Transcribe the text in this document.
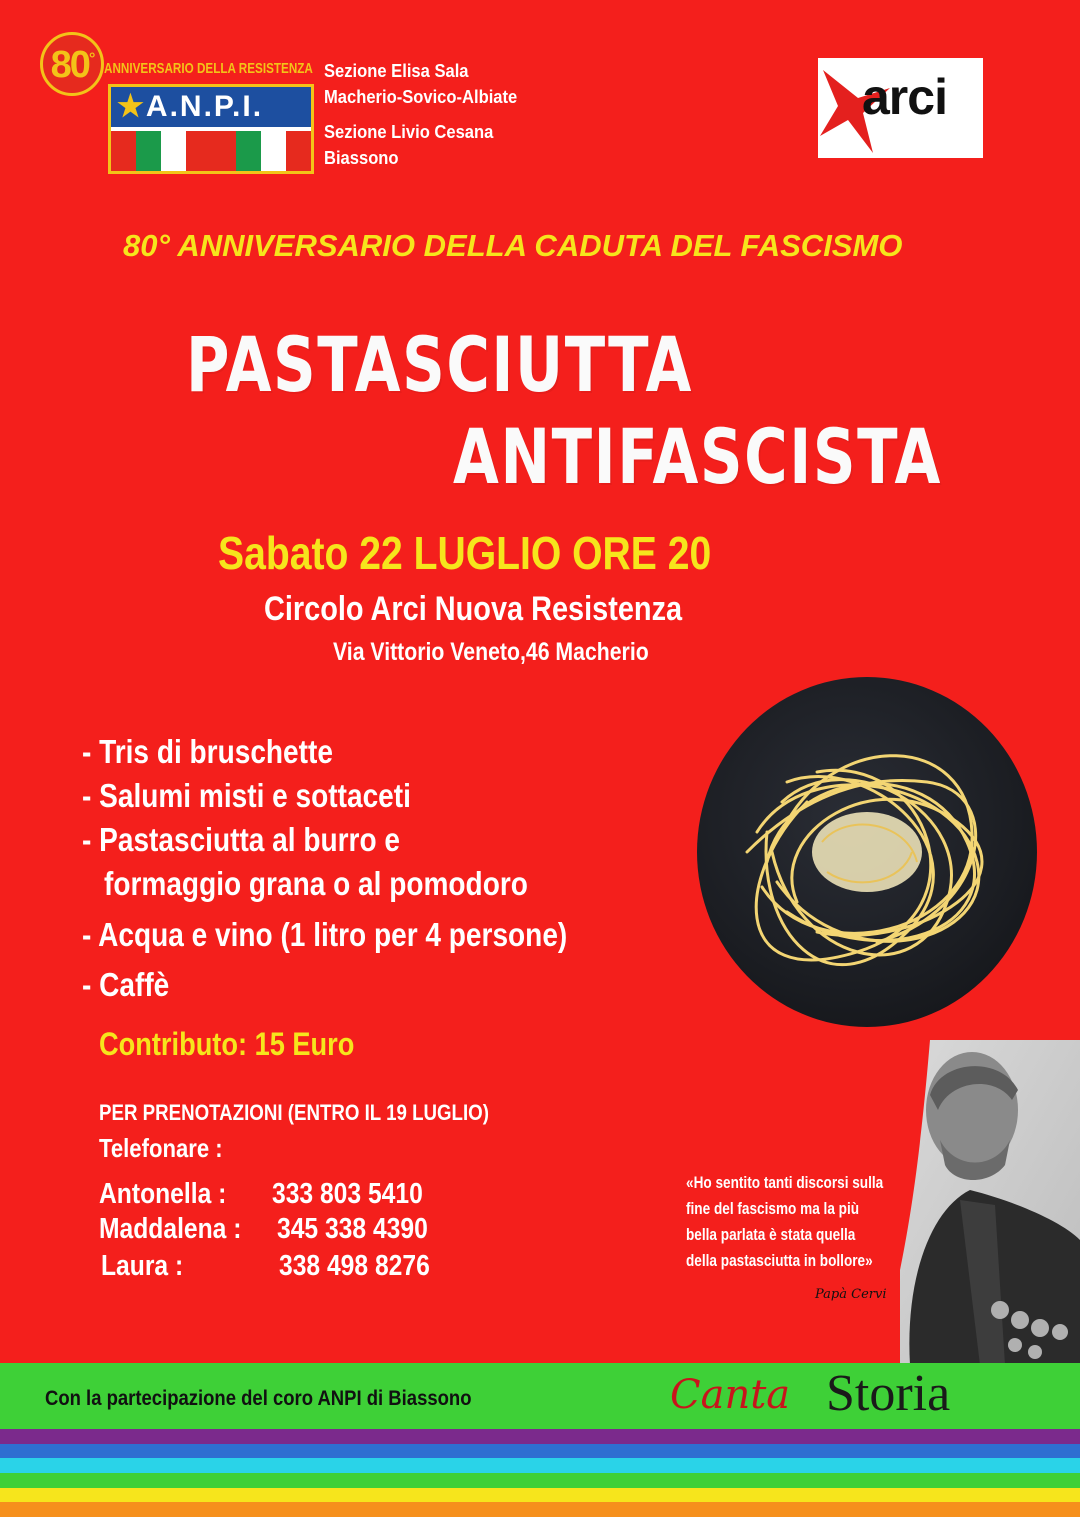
80°
ANNIVERSARIO DELLA RESISTENZA
★A.N.P.I.
Sezione Elisa Sala
Macherio-Sovico-Albiate
Sezione Livio Cesana
Biassono
arci
80° ANNIVERSARIO DELLA CADUTA DEL FASCISMO
PASTASCIUTTA
ANTIFASCISTA
Sabato 22 LUGLIO ORE 20
Circolo Arci Nuova Resistenza
Via Vittorio Veneto,46 Macherio
- Tris di bruschette
- Salumi misti e sottaceti
- Pastasciutta al burro e
formaggio grana o al pomodoro
- Acqua e vino (1 litro per 4 persone)
- Caffè
Contributo: 15 Euro
PER PRENOTAZIONI (ENTRO IL 19 LUGLIO)
Telefonare :
Antonella :	333 803 5410
Maddalena :	345 338 4390
Laura :	338 498 8276
«Ho sentito tanti discorsi sulla
fine del fascismo ma la più
bella parlata è stata quella
della pastasciutta in bollore»
Papà Cervi
Con la partecipazione del coro ANPI di Biassono	Canta Storia
